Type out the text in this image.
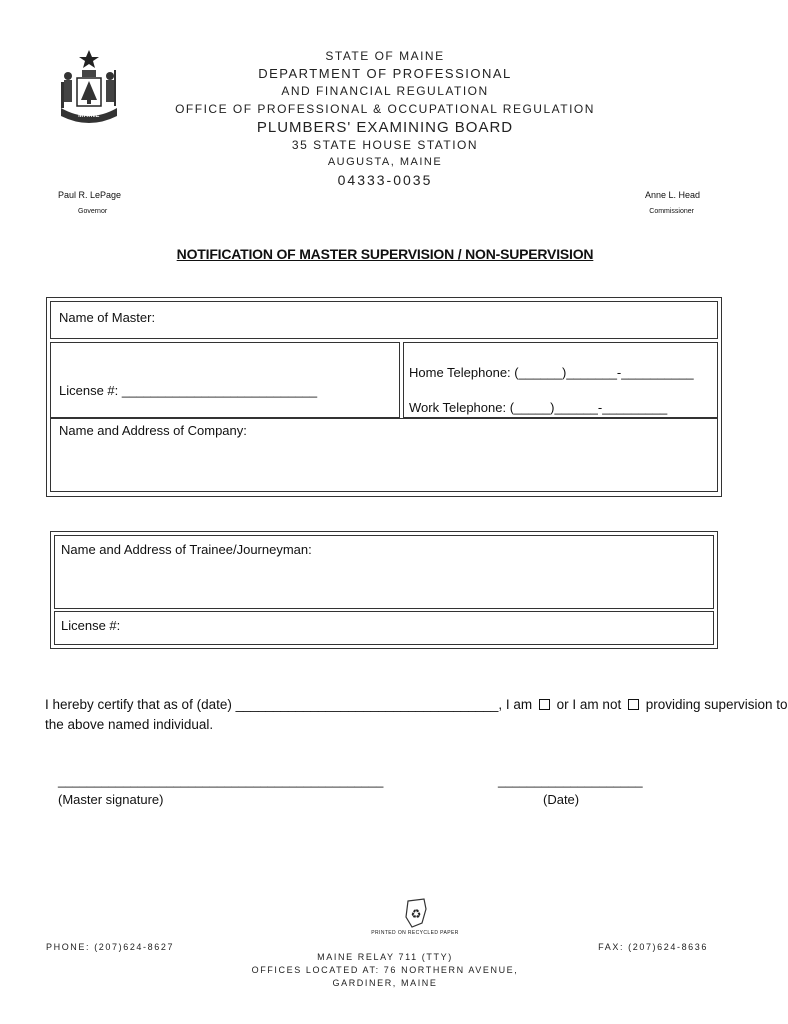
MAINE
STATE OF MAINE
DEPARTMENT OF PROFESSIONAL
AND FINANCIAL REGULATION
OFFICE OF PROFESSIONAL & OCCUPATIONAL REGULATION
PLUMBERS' EXAMINING BOARD
35 STATE HOUSE STATION
AUGUSTA, MAINE
04333-0035
Paul R. LePage
Governor
Anne L. Head
Commissioner
NOTIFICATION OF MASTER SUPERVISION / NON-SUPERVISION
Name of Master:
License #: ___________________________
Home Telephone: (______)_______-__________
Work Telephone: (_____)______-_________
Name and Address of Company:
Name and Address of Trainee/Journeyman:
License #:
I hereby certify that as of (date) ___________________________________, I am or I am not providing supervision to
the above named individual.
_____________________________________________
(Master signature)
____________________
(Date)
♻
PRINTED ON RECYCLED PAPER
PHONE: (207)624-8627	FAX: (207)624-8636
MAINE RELAY 711 (TTY)
OFFICES LOCATED AT: 76 NORTHERN AVENUE,
GARDINER, MAINE
